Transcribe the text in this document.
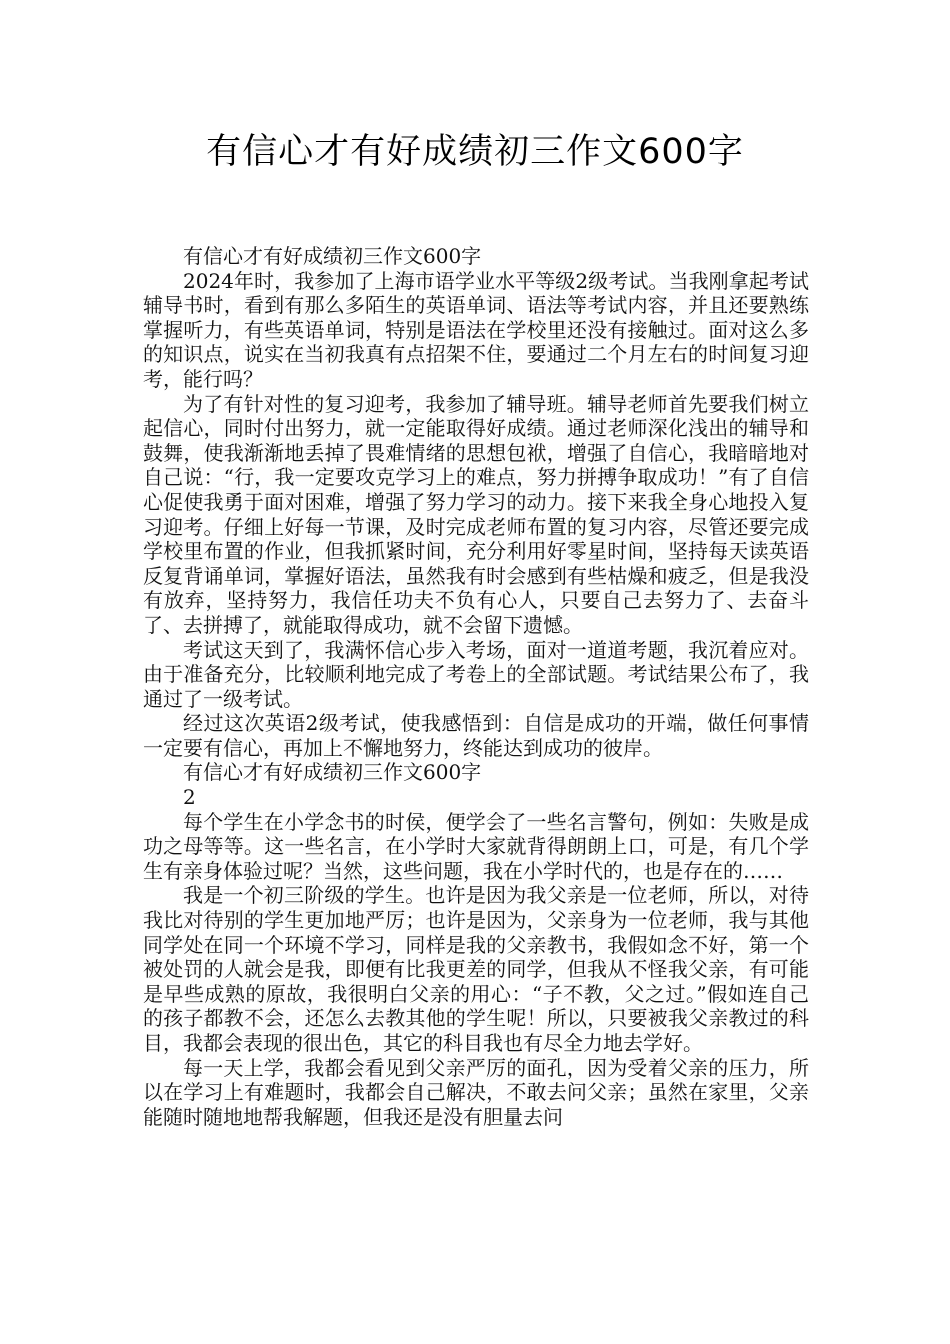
有信心才有好成绩初三作文600字

有信心才有好成绩初三作文600字

2024年时，我参加了上海市语学业水平等级2级考试。当我刚拿起考试辅导书时，看到有那么多陌生的英语单词、语法等考试内容，并且还要熟练掌握听力，有些英语单词，特别是语法在学校里还没有接触过。面对这么多的知识点，说实在当初我真有点招架不住，要通过二个月左右的时间复习迎考，能行吗？

为了有针对性的复习迎考，我参加了辅导班。辅导老师首先要我们树立起信心，同时付出努力，就一定能取得好成绩。通过老师深化浅出的辅导和鼓舞，使我渐渐地丢掉了畏难情绪的思想包袱，增强了自信心，我暗暗地对自己说：“行，我一定要攻克学习上的难点，努力拼搏争取成功！”有了自信心促使我勇于面对困难，增强了努力学习的动力。接下来我全身心地投入复习迎考。仔细上好每一节课，及时完成老师布置的复习内容，尽管还要完成学校里布置的作业，但我抓紧时间，充分利用好零星时间，坚持每天读英语反复背诵单词，掌握好语法，虽然我有时会感到有些枯燥和疲乏，但是我没有放弃，坚持努力，我信任功夫不负有心人，只要自己去努力了、去奋斗了、去拼搏了，就能取得成功，就不会留下遗憾。

考试这天到了，我满怀信心步入考场，面对一道道考题，我沉着应对。由于准备充分，比较顺利地完成了考卷上的全部试题。考试结果公布了，我通过了一级考试。

经过这次英语2级考试，使我感悟到：自信是成功的开端，做任何事情一定要有信心，再加上不懈地努力，终能达到成功的彼岸。

有信心才有好成绩初三作文600字

2

每个学生在小学念书的时侯，便学会了一些名言警句，例如：失败是成功之母等等。这一些名言，在小学时大家就背得朗朗上口，可是，有几个学生有亲身体验过呢？当然，这些问题，我在小学时代的，也是存在的……

我是一个初三阶级的学生。也许是因为我父亲是一位老师，所以，对待我比对待别的学生更加地严厉；也许是因为，父亲身为一位老师，我与其他同学处在同一个环境不学习，同样是我的父亲教书，我假如念不好，第一个被处罚的人就会是我，即便有比我更差的同学，但我从不怪我父亲，有可能是早些成熟的原故，我很明白父亲的用心：“子不教，父之过。”假如连自己的孩子都教不会，还怎么去教其他的学生呢！所以，只要被我父亲教过的科目，我都会表现的很出色，其它的科目我也有尽全力地去学好。

每一天上学，我都会看见到父亲严厉的面孔，因为受着父亲的压力，所以在学习上有难题时，我都会自己解决，不敢去问父亲；虽然在家里，父亲能随时随地地帮我解题，但我还是没有胆量去问
